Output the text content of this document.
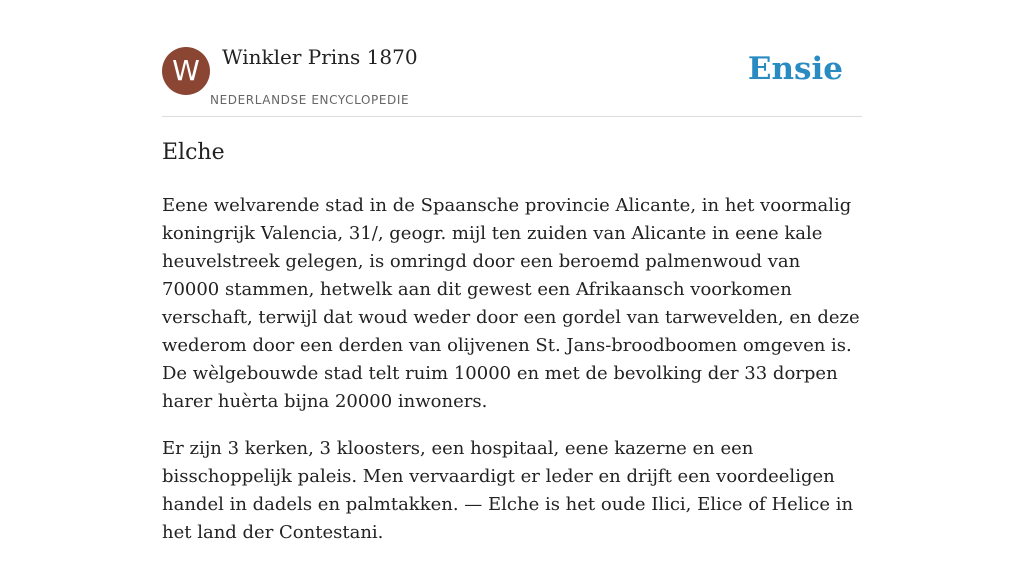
W	Winkler Prins 1870
NEDERLANDSE ENCYCLOPEDIE
Ensie
Elche

Eene welvarende stad in de Spaansche provincie Alicante, in het voormalig koningrijk Valencia, 31/, geogr. mijl ten zuiden van Alicante in eene kale heuvelstreek gelegen, is omringd door een beroemd palmenwoud van 70000 stammen, hetwelk aan dit gewest een Afrikaansch voorkomen verschaft, terwijl dat woud weder door een gordel van tarwevelden, en deze wederom door een derden van olijvenen St. Jans-broodboomen omgeven is. De wèlgebouwde stad telt ruim 10000 en met de bevolking der 33 dorpen harer huèrta bijna 20000 inwoners.

Er zijn 3 kerken, 3 kloosters, een hospitaal, eene kazerne en een bisschoppelijk paleis. Men vervaardigt er leder en drijft een voordeeligen handel in dadels en palmtakken. — Elche is het oude Ilici, Elice of Helice in het land der Contestani.
